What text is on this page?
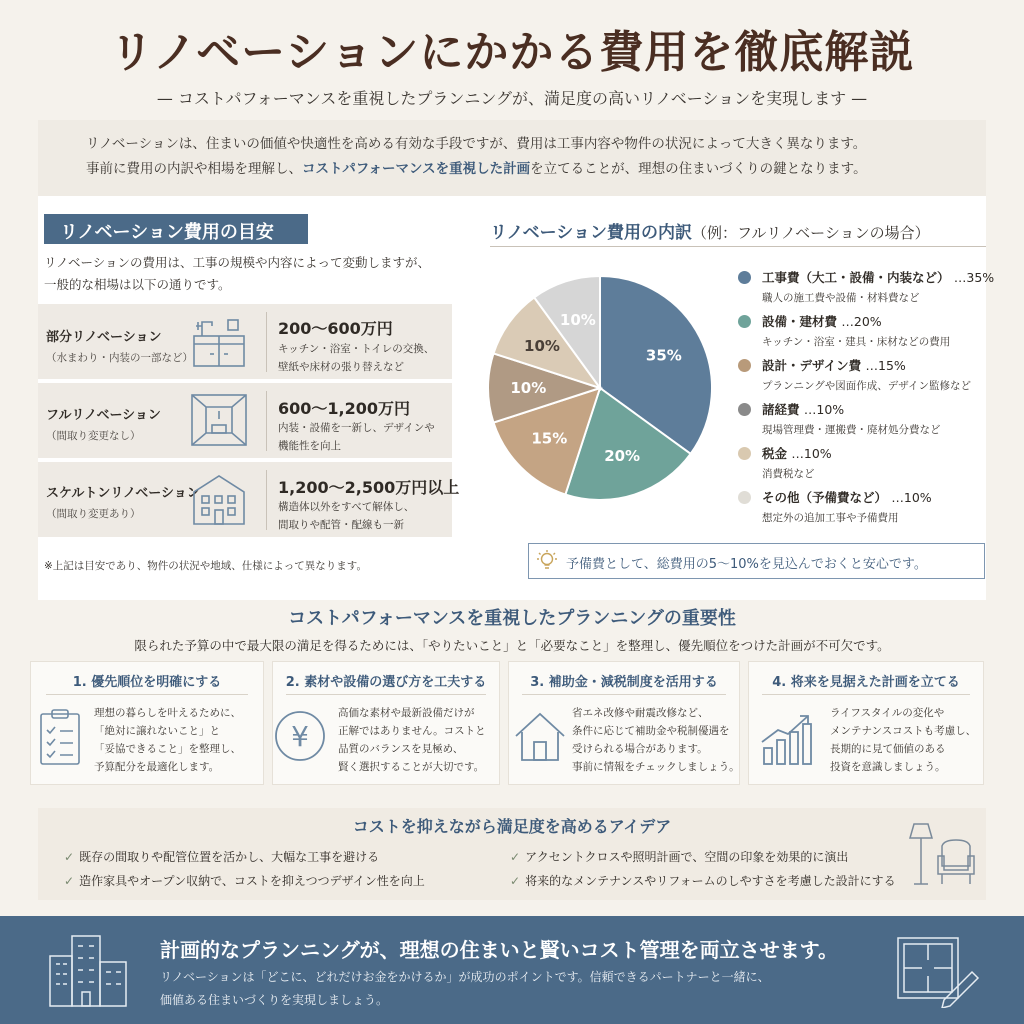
リノベーションにかかる費用を徹底解説
— コストパフォーマンスを重視したプランニングが、満足度の高いリノベーションを実現します —
リノベーションは、住まいの価値や快適性を高める有効な手段ですが、費用は工事内容や物件の状況によって大きく異なります。
事前に費用の内訳や相場を理解し、コストパフォーマンスを重視した計画を立てることが、理想の住まいづくりの鍵となります。
リノベーション費用の目安
リノベーションの費用は、工事の規模や内容によって変動しますが、
一般的な相場は以下の通りです。
部分リノベーション
（水まわり・内装の一部など）
200〜600万円
キッチン・浴室・トイレの交換、
壁紙や床材の張り替えなど
フルリノベーション
（間取り変更なし）
600〜1,200万円
内装・設備を一新し、デザインや
機能性を向上
スケルトンリノベーション
（間取り変更あり）
1,200〜2,500万円以上
構造体以外をすべて解体し、
間取りや配管・配線も一新
※上記は目安であり、物件の状況や地域、仕様によって異なります。
リノベーション費用の内訳（例：フルリノベーションの場合）
35%
20%
15%
10%
10%
10%
工事費（大工・設備・内装など） …35%
職人の施工費や設備・材料費など
設備・建材費 …20%
キッチン・浴室・建具・床材などの費用
設計・デザイン費 …15%
プランニングや図面作成、デザイン監修など
諸経費 …10%
現場管理費・運搬費・廃材処分費など
税金 …10%
消費税など
その他（予備費など） …10%
想定外の追加工事や予備費用
予備費として、総費用の5〜10%を見込んでおくと安心です。
コストパフォーマンスを重視したプランニングの重要性
限られた予算の中で最大限の満足を得るためには、「やりたいこと」と「必要なこと」を整理し、優先順位をつけた計画が不可欠です。
1. 優先順位を明確にする
理想の暮らしを叶えるために、
「絶対に譲れないこと」と
「妥協できること」を整理し、
予算配分を最適化します。
2. 素材や設備の選び方を工夫する
¥
高価な素材や最新設備だけが
正解ではありません。コストと
品質のバランスを見極め、
賢く選択することが大切です。
3. 補助金・減税制度を活用する
省エネ改修や耐震改修など、
条件に応じて補助金や税制優遇を
受けられる場合があります。
事前に情報をチェックしましょう。
4. 将来を見据えた計画を立てる
ライフスタイルの変化や
メンテナンスコストも考慮し、
長期的に見て価値のある
投資を意識しましょう。
コストを抑えながら満足度を高めるアイデア
✓ 既存の間取りや配管位置を活かし、大幅な工事を避ける
✓ 造作家具やオープン収納で、コストを抑えつつデザイン性を向上
✓ アクセントクロスや照明計画で、空間の印象を効果的に演出
✓ 将来的なメンテナンスやリフォームのしやすさを考慮した設計にする
計画的なプランニングが、理想の住まいと賢いコスト管理を両立させます。
リノベーションは「どこに、どれだけお金をかけるか」が成功のポイントです。信頼できるパートナーと一緒に、
価値ある住まいづくりを実現しましょう。
